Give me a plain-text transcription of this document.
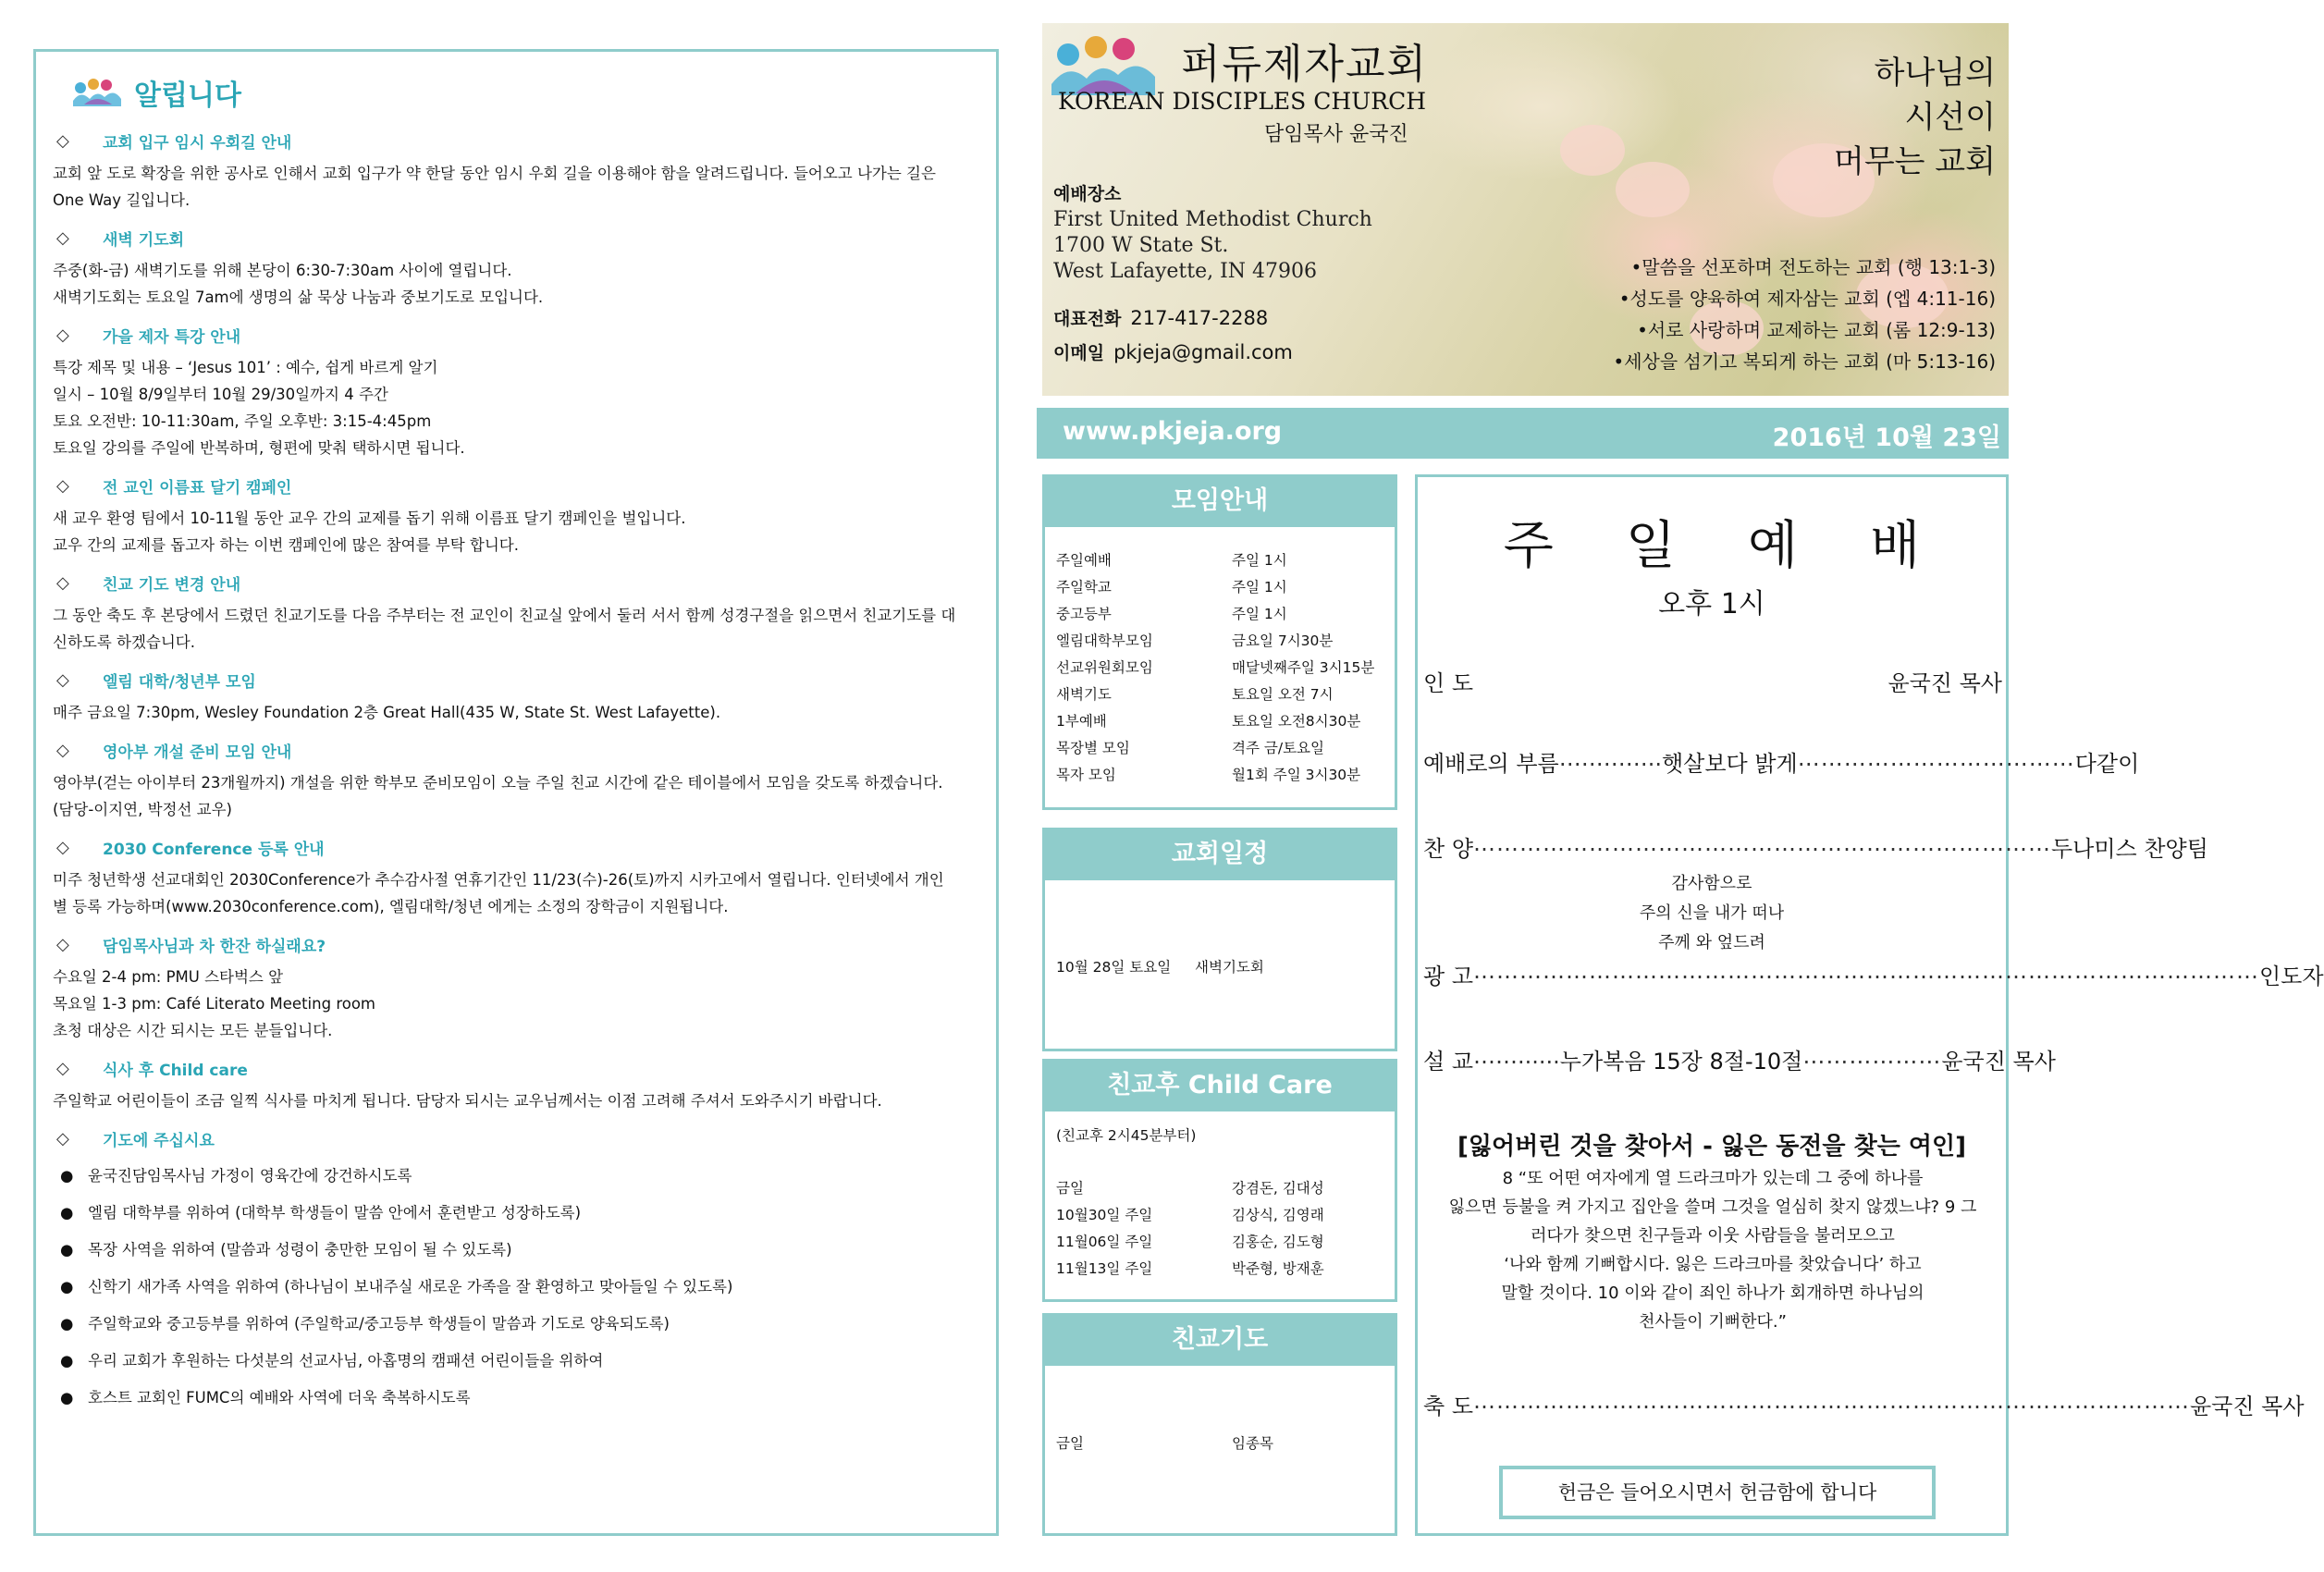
알립니다
◇	교회 입구 임시 우회길 안내

교회 앞 도로 확장을 위한 공사로 인해서 교회 입구가 약 한달 동안 임시 우회 길을 이용해야 함을 알려드립니다. 들어오고 나가는 길은

One Way 길입니다.

◇	새벽 기도회

주중(화-금) 새벽기도를 위해 본당이 6:30-7:30am 사이에 열립니다.

새벽기도회는 토요일 7am에 생명의 삶 묵상 나눔과 중보기도로 모입니다.

◇	가을 제자 특강 안내

특강 제목 및 내용 – ‘Jesus 101’ : 예수, 쉽게 바르게 알기

일시 – 10월 8/9일부터 10월 29/30일까지 4 주간

토요 오전반: 10-11:30am, 주일 오후반: 3:15-4:45pm

토요일 강의를 주일에 반복하며, 형편에 맞춰 택하시면 됩니다.

◇	전 교인 이름표 달기 캠페인

새 교우 환영 팀에서 10-11월 동안 교우 간의 교제를 돕기 위해 이름표 달기 캠페인을 벌입니다.

교우 간의 교제를 돕고자 하는 이번 캠페인에 많은 참여를 부탁 합니다.

◇	친교 기도 변경 안내

그 동안 축도 후 본당에서 드렸던 친교기도를 다음 주부터는 전 교인이 친교실 앞에서 둘러 서서 함께 성경구절을 읽으면서 친교기도를 대

신하도록 하겠습니다.

◇	엘림 대학/청년부 모임

매주 금요일 7:30pm, Wesley Foundation 2층 Great Hall(435 W, State St. West Lafayette).

◇	영아부 개설 준비 모임 안내

영아부(걷는 아이부터 23개월까지) 개설을 위한 학부모 준비모임이 오늘 주일 친교 시간에 같은 테이블에서 모임을 갖도록 하겠습니다.

(담당-이지연, 박정선 교우)

◇	2030 Conference 등록 안내

미주 청년학생 선교대회인 2030Conference가 추수감사절 연휴기간인 11/23(수)-26(토)까지 시카고에서 열립니다. 인터넷에서 개인

별 등록 가능하며(www.2030conference.com), 엘림대학/청년 에게는 소정의 장학금이 지원됩니다.

◇	담임목사님과 차 한잔 하실래요?

수요일 2-4 pm: PMU 스타벅스 앞

목요일 1-3 pm: Café Literato Meeting room

초청 대상은 시간 되시는 모든 분들입니다.

◇	식사 후 Child care

주일학교 어린이들이 조금 일찍 식사를 마치게 됩니다. 담당자 되시는 교우님께서는 이점 고려해 주셔서 도와주시기 바랍니다.

◇	기도에 주십시요
● 윤국진담임목사님 가정이 영육간에 강건하시도록
● 엘림 대학부를 위하여 (대학부 학생들이 말씀 안에서 훈련받고 성장하도록)
● 목장 사역을 위하여 (말씀과 성령이 충만한 모임이 될 수 있도록)
● 신학기 새가족 사역을 위하여 (하나님이 보내주실 새로운 가족을 잘 환영하고 맞아들일 수 있도록)
● 주일학교와 중고등부를 위하여 (주일학교/중고등부 학생들이 말씀과 기도로 양육되도록)
● 우리 교회가 후원하는 다섯분의 선교사님, 아홉명의 캠패션 어린이들을 위하여
● 호스트 교회인 FUMC의 예배와 사역에 더욱 축복하시도록
퍼듀제자교회
KOREAN DISCIPLES CHURCH
담임목사 윤국진
예배장소
First United Methodist Church
1700 W State St.
West Lafayette, IN 47906
대표전화 217-417-2288
이메일 pkjeja@gmail.com
하나님의
시선이
머무는 교회
•말씀을 선포하며 전도하는 교회 (행 13:1-3)
•성도를 양육하여 제자삼는 교회 (엡 4:11-16)
•서로 사랑하며 교제하는 교회 (롬 12:9-13)
•세상을 섬기고 복되게 하는 교회 (마 5:13-16)
www.pkjeja.org	2016년 10월 23일
모임안내
주일예배	주일 1시
주일학교	주일 1시
중고등부	주일 1시
엘림대학부모임	금요일 7시30분
선교위원회모임	매달넷째주일 3시15분
새벽기도	토요일 오전 7시
1부예배	토요일 오전8시30분
목장별 모임	격주 금/토요일
목자 모임	월1회 주일 3시30분
교회일정
10월 28일 토요일	새벽기도회
친교후 Child Care
(친교후 2시45분부터)
금일	강겸돈, 김대성
10월30일 주일	김상식, 김영래
11월06일 주일	김홍순, 김도형
11월13일 주일	박준형, 방재훈
친교기도
금일	임종목
주일예배
오후 1시
인 도	윤국진 목사
예배로의 부름 ………….. 햇살보다 밝게 ……………………………… 다같이
찬 양 ………………………………………………………………… 두나미스 찬양팀
감사함으로
주의 신을 내가 떠나
주께 와 엎드려
광 고 ………………………………………………………………………………………… 인도자
설 교 ……...... 누가복음 15장 8절-10절 ……………… 윤국진 목사
[잃어버린 것을 찾아서 - 잃은 동전을 찾는 여인]
8 “또 어떤 여자에게 열 드라크마가 있는데 그 중에 하나를
잃으면 등불을 켜 가지고 집안을 쓸며 그것을 얼심히 찾지 않겠느냐? 9 그
러다가 찾으면 친구들과 이웃 사람들을 불러모으고
‘나와 함께 기뻐합시다. 잃은 드라크마를 찾았습니다’ 하고
말할 것이다. 10 이와 같이 죄인 하나가 회개하면 하나님의
천사들이 기뻐한다.”
축 도 ………………………………………………………………………………… 윤국진 목사
헌금은 들어오시면서 헌금함에 합니다
